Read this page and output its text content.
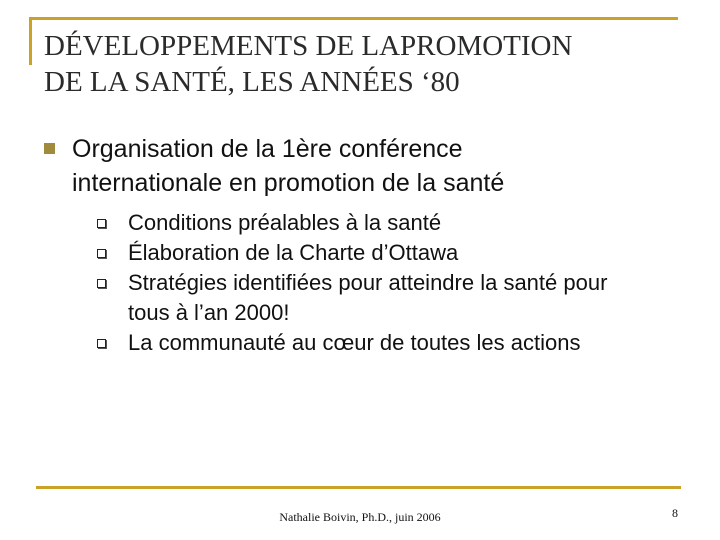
DÉVELOPPEMENTS DE LAPROMOTION
DE LA SANTÉ, LES ANNÉES ‘80
Organisation de la 1ère conférence
internationale en promotion de la santé
Conditions préalables à la santé
Élaboration de la Charte d’Ottawa
Stratégies identifiées pour atteindre la santé pour
tous à l’an 2000!
La communauté au cœur de toutes les actions
Nathalie Boivin, Ph.D., juin 2006	8
